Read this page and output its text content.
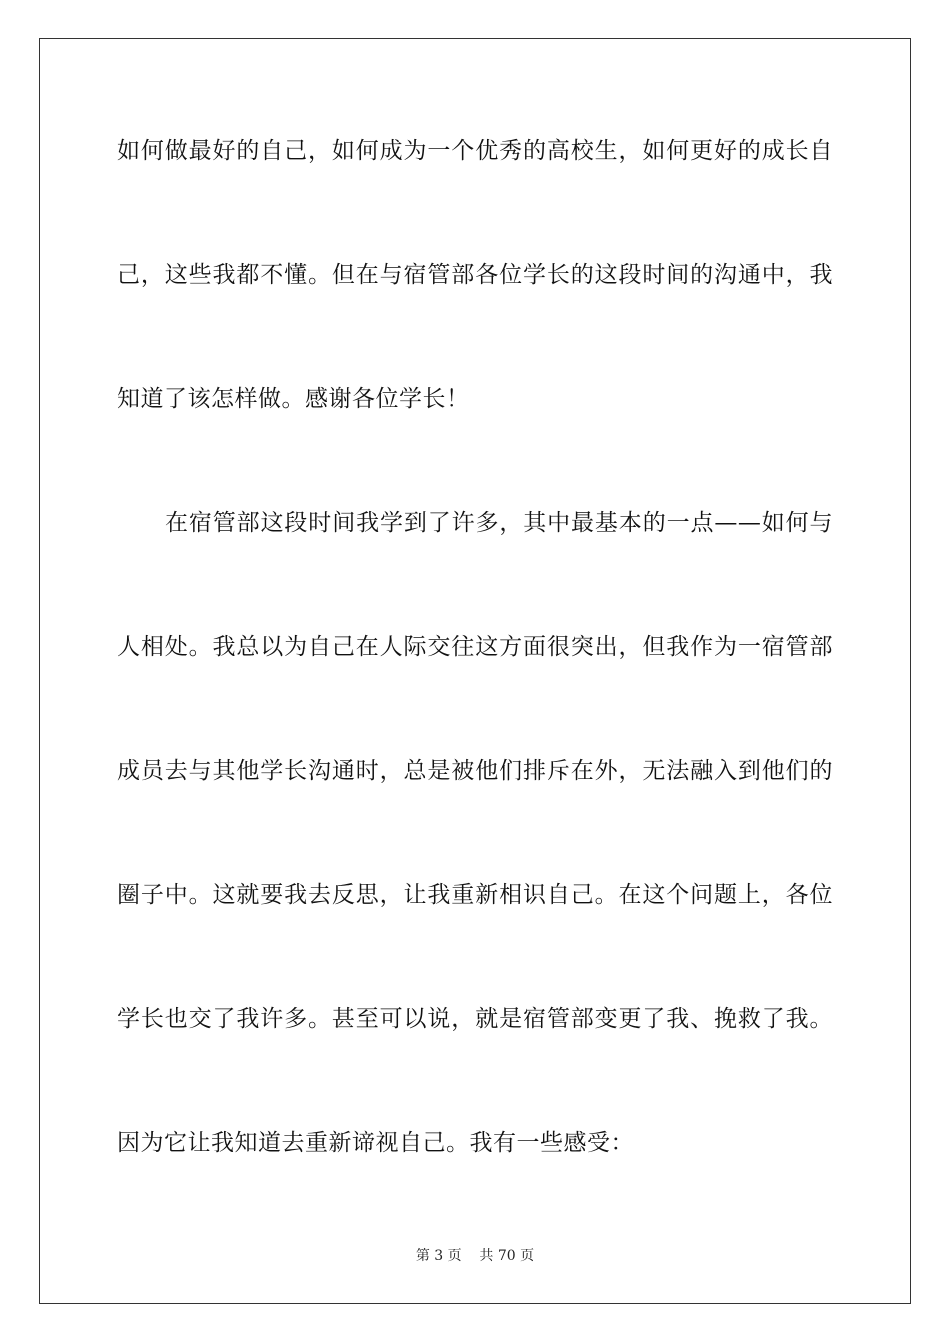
如何做最好的自己，如何成为一个优秀的高校生，如何更好的成长自
己，这些我都不懂。但在与宿管部各位学长的这段时间的沟通中，我
知道了该怎样做。感谢各位学长！
在宿管部这段时间我学到了许多，其中最基本的一点——如何与
人相处。我总以为自己在人际交往这方面很突出，但我作为一宿管部
成员去与其他学长沟通时，总是被他们排斥在外，无法融入到他们的
圈子中。这就要我去反思，让我重新相识自己。在这个问题上，各位
学长也交了我许多。甚至可以说，就是宿管部变更了我、挽救了我。
因为它让我知道去重新谛视自己。我有一些感受：
第 3 页    共 70 页
